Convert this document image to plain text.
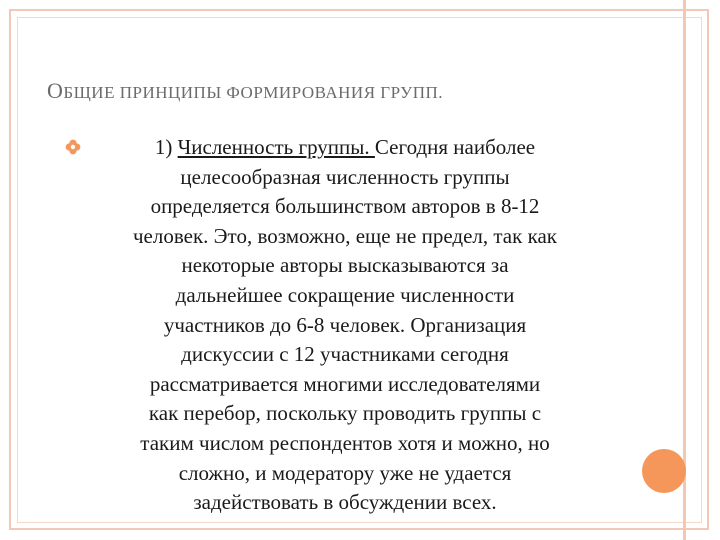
ОБЩИЕ ПРИНЦИПЫ ФОРМИРОВАНИЯ ГРУПП.
1) Численность группы. Сегодня наиболее
целесообразная численность группы
определяется большинством авторов в 8-12
человек. Это, возможно, еще не предел, так как
некоторые авторы высказываются за
дальнейшее сокращение численности
участников до 6-8 человек. Организация
дискуссии с 12 участниками сегодня
рассматривается многими исследователями
как перебор, поскольку проводить группы с
таким числом респондентов хотя и можно, но
сложно, и модератору уже не удается
задействовать в обсуждении всех.
